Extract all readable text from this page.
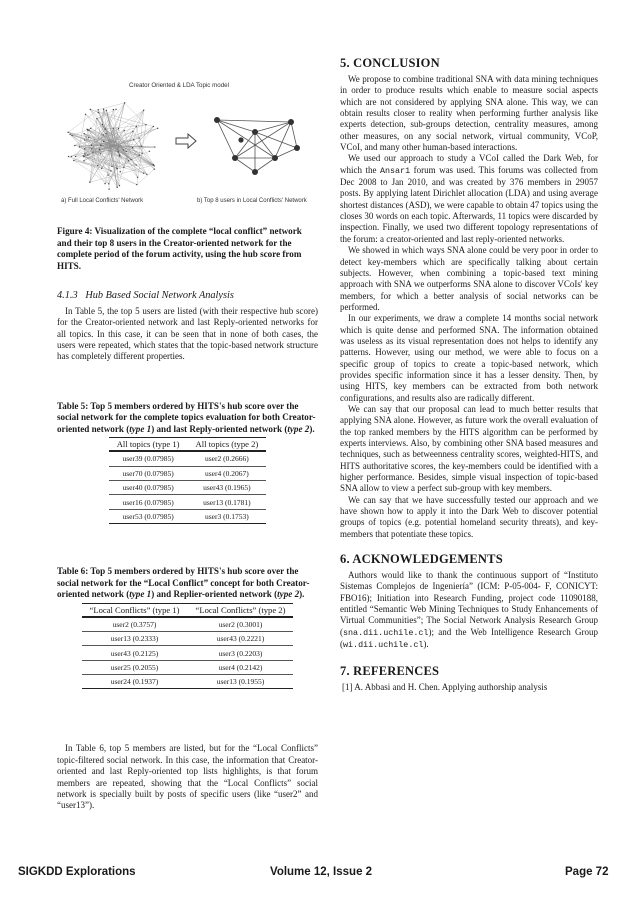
Creator Oriented & LDA Topic model
a) Full Local Conflicts' Network	b) Top 8 users in Local Conflicts' Network

Figure 4: Visualization of the complete “local conflict” network and their top 8 users in the Creator-oriented network for the complete period of the forum activity, using the hub score from HITS.

4.1.3 Hub Based Social Network Analysis

In Table 5, the top 5 users are listed (with their respective hub score) for the Creator-oriented network and last Reply-oriented networks for all topics. In this case, it can be seen that in none of both cases, the users were repeated, which states that the topic-based network structure has completely different properties.

Table 5: Top 5 members ordered by HITS's hub score over the social network for the complete topics evaluation for both Creator-oriented network (type 1) and last Reply-oriented network (type 2).

All topics (type 1)	All topics (type 2)
user39 (0.07985)	user2 (0.2666)
user70 (0.07985)	user4 (0.2067)
user40 (0.07985)	user43 (0.1965)
user16 (0.07985)	user13 (0.1781)
user53 (0.07985)	user3 (0.1753)

Table 6: Top 5 members ordered by HITS's hub score over the social network for the “Local Conflict” concept for both Creator-oriented network (type 1) and Replier-oriented network (type 2).

“Local Conflicts” (type 1)	“Local Conflicts” (type 2)
user2 (0.3757)	user2 (0.3001)
user13 (0.2333)	user43 (0.2221)
user43 (0.2125)	user3 (0.2203)
user25 (0.2055)	user4 (0.2142)
user24 (0.1937)	user13 (0.1955)

In Table 6, top 5 members are listed, but for the “Local Conflicts” topic-filtered social network. In this case, the information that Creator-oriented and last Reply-oriented top lists highlights, is that forum members are repeated, showing that the “Local Conflicts” social network is specially built by posts of specific users (like “user2” and “user13”).

5. CONCLUSION

We propose to combine traditional SNA with data mining techniques in order to produce results which enable to measure social aspects which are not considered by applying SNA alone. This way, we can obtain results closer to reality when performing further analysis like experts detection, sub-groups detection, centrality measures, among other measures, on any social network, virtual community, VCoP, VCoI, and many other human-based interactions.

We used our approach to study a VCoI called the Dark Web, for which the Ansar1 forum was used. This forums was collected from Dec 2008 to Jan 2010, and was created by 376 members in 29057 posts. By applying latent Dirichlet allocation (LDA) and using average shortest distances (ASD), we were capable to obtain 47 topics using the closes 30 words on each topic. Afterwards, 11 topics were discarded by inspection. Finally, we used two different topology representations of the forum: a creator-oriented and last reply-oriented networks.

We showed in which ways SNA alone could be very poor in order to detect key-members which are specifically talking about certain subjects. However, when combining a topic-based text mining approach with SNA we outperforms SNA alone to discover VCoIs' key members, for which a better analysis of social networks can be performed.

In our experiments, we draw a complete 14 months social network which is quite dense and performed SNA. The information obtained was useless as its visual representation does not helps to identify any patterns. However, using our method, we were able to focus on a specific group of topics to create a topic-based network, which provides specific information since it has a lesser density. Then, by using HITS, key members can be extracted from both network configurations, and results also are radically different.

We can say that our proposal can lead to much better results that applying SNA alone. However, as future work the overall evaluation of the top ranked members by the HITS algorithm can be performed by experts interviews. Also, by combining other SNA based measures and techniques, such as betweenness centrality scores, weighted-HITS, and HITS authoritative scores, the key-members could be identified with a higher performance. Besides, simple visual inspection of topic-based SNA allow to view a perfect sub-group with key members.

We can say that we have successfully tested our approach and we have shown how to apply it into the Dark Web to discover potential groups of topics (e.g. potential homeland security threats), and key-members that potentiate these topics.

6. ACKNOWLEDGEMENTS

Authors would like to thank the continuous support of “Instituto Sistemas Complejos de Ingeniería” (ICM: P-05-004- F, CONICYT: FBO16); Initiation into Research Funding, project code 11090188, entitled “Semantic Web Mining Techniques to Study Enhancements of Virtual Communities”; The Social Network Analysis Research Group (sna.dii.uchile.cl); and the Web Intelligence Research Group (wi.dii.uchile.cl).

7. REFERENCES

[1] A. Abbasi and H. Chen. Applying authorship analysis

SIGKDD Explorations	Volume 12, Issue 2	Page 72
